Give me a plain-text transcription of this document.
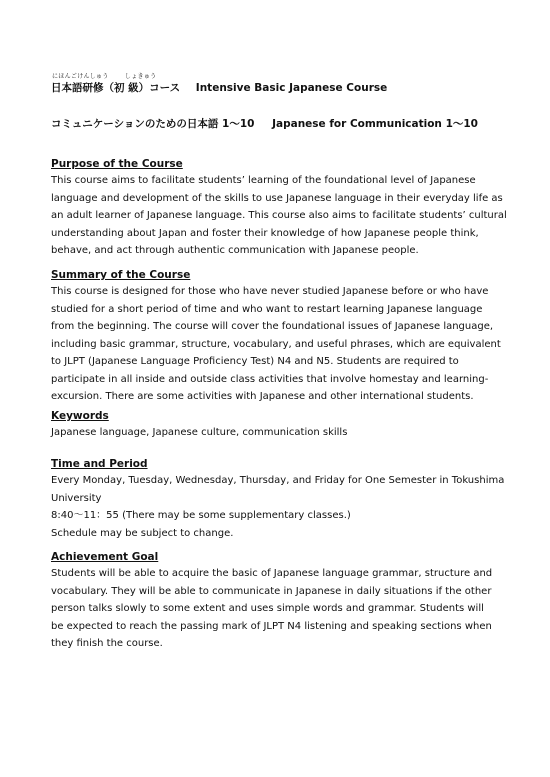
にほんごけんしゅう	しょきゅう
日本語研修（初 級）コース Intensive Basic Japanese Course
コミュニケーションのための日本語 1～10 Japanese for Communication 1～10

Purpose of the Course

This course aims to facilitate students’ learning of the foundational level of Japanese

language and development of the skills to use Japanese language in their everyday life as

an adult learner of Japanese language. This course also aims to facilitate students’ cultural

understanding about Japan and foster their knowledge of how Japanese people think,

behave, and act through authentic communication with Japanese people.

Summary of the Course

This course is designed for those who have never studied Japanese before or who have

studied for a short period of time and who want to restart learning Japanese language

from the beginning. The course will cover the foundational issues of Japanese language,

including basic grammar, structure, vocabulary, and useful phrases, which are equivalent

to JLPT (Japanese Language Proficiency Test) N4 and N5. Students are required to

participate in all inside and outside class activities that involve homestay and learning-

excursion. There are some activities with Japanese and other international students.

Keywords

Japanese language, Japanese culture, communication skills

Time and Period

Every Monday, Tuesday, Wednesday, Thursday, and Friday for One Semester in Tokushima

University

8:40～11：55 (There may be some supplementary classes.)

Schedule may be subject to change.

Achievement Goal

Students will be able to acquire the basic of Japanese language grammar, structure and

vocabulary. They will be able to communicate in Japanese in daily situations if the other

person talks slowly to some extent and uses simple words and grammar. Students will

be expected to reach the passing mark of JLPT N4 listening and speaking sections when

they finish the course.
